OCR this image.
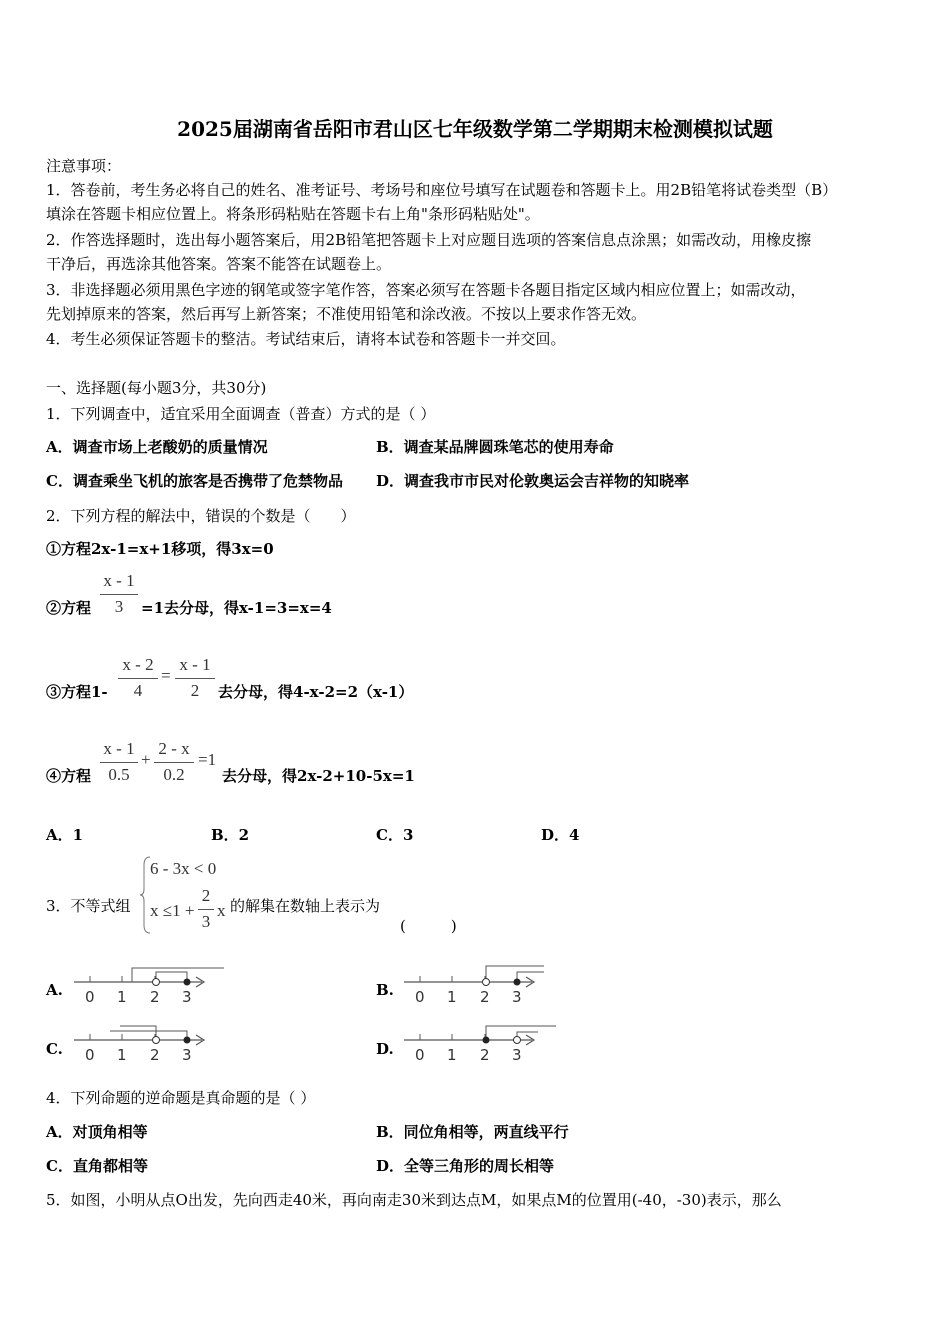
2025届湖南省岳阳市君山区七年级数学第二学期期末检测模拟试题
注意事项：
1．答卷前，考生务必将自己的姓名、准考证号、考场号和座位号填写在试题卷和答题卡上。用2B铅笔将试卷类型（B）
填涂在答题卡相应位置上。将条形码粘贴在答题卡右上角"条形码粘贴处"。
2．作答选择题时，选出每小题答案后，用2B铅笔把答题卡上对应题目选项的答案信息点涂黑；如需改动，用橡皮擦
干净后，再选涂其他答案。答案不能答在试题卷上。
3．非选择题必须用黑色字迹的钢笔或签字笔作答，答案必须写在答题卡各题目指定区域内相应位置上；如需改动，
先划掉原来的答案，然后再写上新答案；不准使用铅笔和涂改液。不按以上要求作答无效。
4．考生必须保证答题卡的整洁。考试结束后，请将本试卷和答题卡一并交回。
一、选择题(每小题3分，共30分)
1．下列调查中，适宜采用全面调查（普查）方式的是（ ）
A．调查市场上老酸奶的质量情况	B．调查某品牌圆珠笔芯的使用寿命
C．调查乘坐飞机的旅客是否携带了危禁物品 D．调查我市市民对伦敦奥运会吉祥物的知晓率
2．下列方程的解法中，错误的个数是（　　）
①方程2x-1=x+1移项，得3x=0
②方程 $\frac{x - 1}{3} =1$去分母，得x-1=3=x=4
③方程$1- \frac{x - 2}{4} = \frac{x - 1}{2}$ 去分母，得4-x-2=2（x-1）
④方程 $\frac{x - 1}{0.5} + \frac{2 - x}{0.2} =1$
去分母，得2x-2+10-5x=1
A．1	B．2	C．3	D．4
3．不等式组
6 - 3x < 0
$x \le 1 + \frac{2}{3}$ x 的解集在数轴上表示为
(　　　)
A. 0 1 2 3	B. 0 1 2 3
C. 0 1 2 3	D. 0 1 2 3
4．下列命题的逆命题是真命题的是（ ）
A．对顶角相等	B．同位角相等，两直线平行
C．直角都相等	D．全等三角形的周长相等
5．如图，小明从点O出发，先向西走40米，再向南走30米到达点M，如果点M的位置用(-40，-30)表示，那么
